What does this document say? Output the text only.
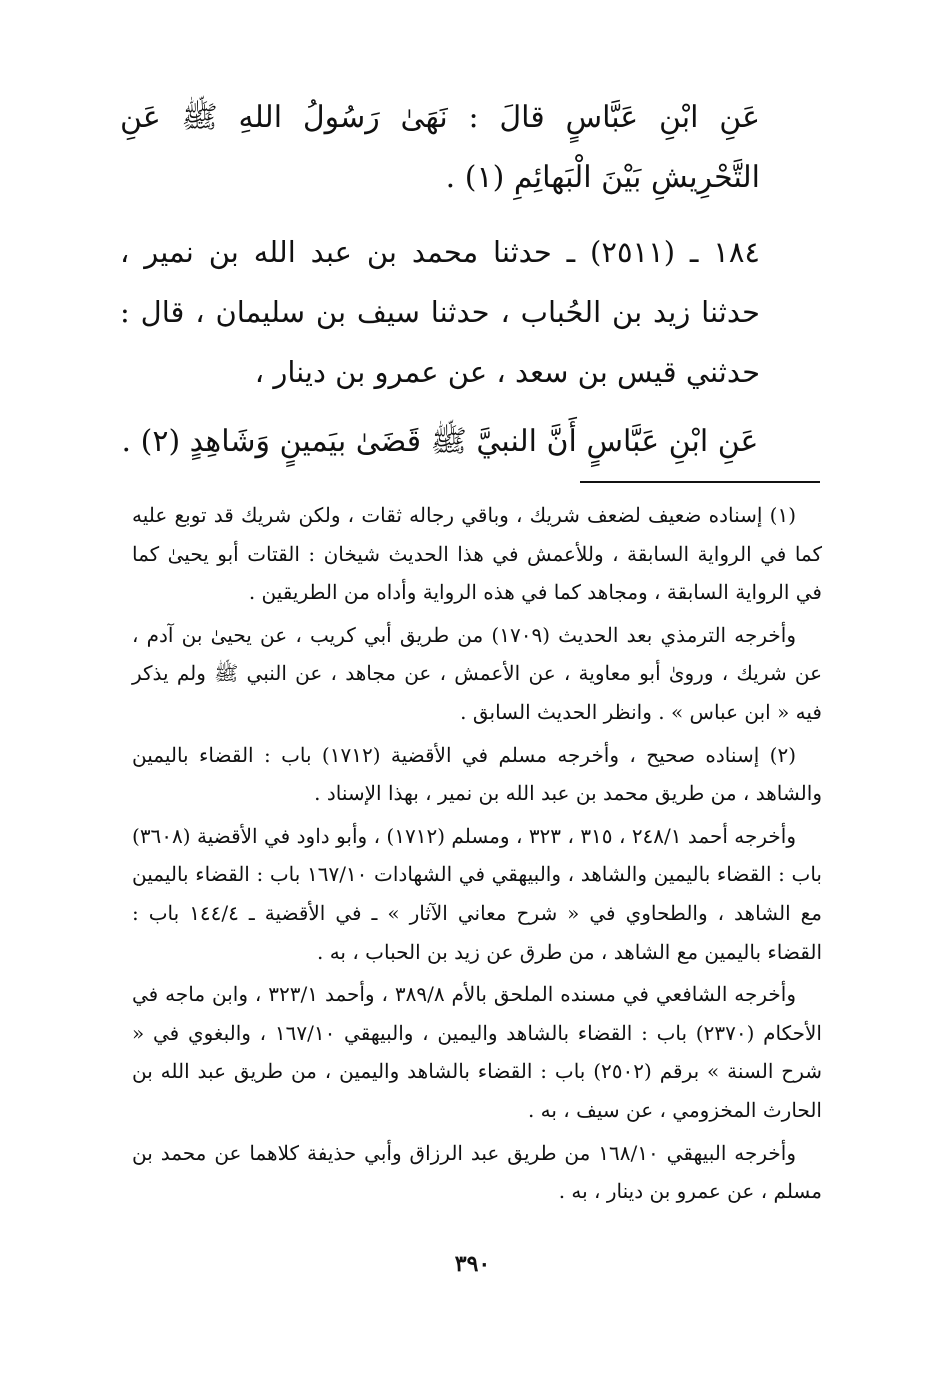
عَنِ ابْنِ عَبَّاسٍ قالَ : نَهَىٰ رَسُولُ اللهِ ﷺ عَنِ التَّحْرِيشِ بَيْنَ الْبَهائِمِ (١) .

١٨٤ ـ (٢٥١١) ـ حدثنا محمد بن عبد الله بن نمير ، حدثنا زيد بن الحُباب ، حدثنا سيف بن سليمان ، قال : حدثني قيس بن سعد ، عن عمرو بن دينار ،

عَنِ ابْنِ عَبَّاسٍ أَنَّ النبيَّ ﷺ قَضَىٰ بيَمينٍ وَشَاهِدٍ (٢) .

(١) إسناده ضعيف لضعف شريك ، وباقي رجاله ثقات ، ولكن شريك قد توبع عليه كما في الرواية السابقة ، وللأعمش في هذا الحديث شيخان : القتات أبو يحيىٰ كما في الرواية السابقة ، ومجاهد كما في هذه الرواية وأداه من الطريقين .

وأخرجه الترمذي بعد الحديث (١٧٠٩) من طريق أبي كريب ، عن يحيىٰ بن آدم ، عن شريك ، ورویٰ أبو معاوية ، عن الأعمش ، عن مجاهد ، عن النبي ﷺ ولم يذكر فيه « ابن عباس » . وانظر الحديث السابق .

(٢) إسناده صحيح ، وأخرجه مسلم في الأقضية (١٧١٢) باب : القضاء باليمين والشاهد ، من طريق محمد بن عبد الله بن نمير ، بهذا الإسناد .

وأخرجه أحمد ٢٤٨/١ ، ٣١٥ ، ٣٢٣ ، ومسلم (١٧١٢) ، وأبو داود في الأقضية (٣٦٠٨) باب : القضاء باليمين والشاهد ، والبيهقي في الشهادات ١٦٧/١٠ باب : القضاء باليمين مع الشاهد ، والطحاوي في « شرح معاني الآثار » ـ في الأقضية ـ ١٤٤/٤ باب : القضاء باليمين مع الشاهد ، من طرق عن زيد بن الحباب ، به .

وأخرجه الشافعي في مسنده الملحق بالأم ٣٨٩/٨ ، وأحمد ٣٢٣/١ ، وابن ماجه في الأحكام (٢٣٧٠) باب : القضاء بالشاهد واليمين ، والبيهقي ١٦٧/١٠ ، والبغوي في « شرح السنة » برقم (٢٥٠٢) باب : القضاء بالشاهد واليمين ، من طريق عبد الله بن الحارث المخزومي ، عن سيف ، به .

وأخرجه البيهقي ١٦٨/١٠ من طريق عبد الرزاق وأبي حذيفة كلاهما عن محمد بن مسلم ، عن عمرو بن دينار ، به .

٣٩٠
